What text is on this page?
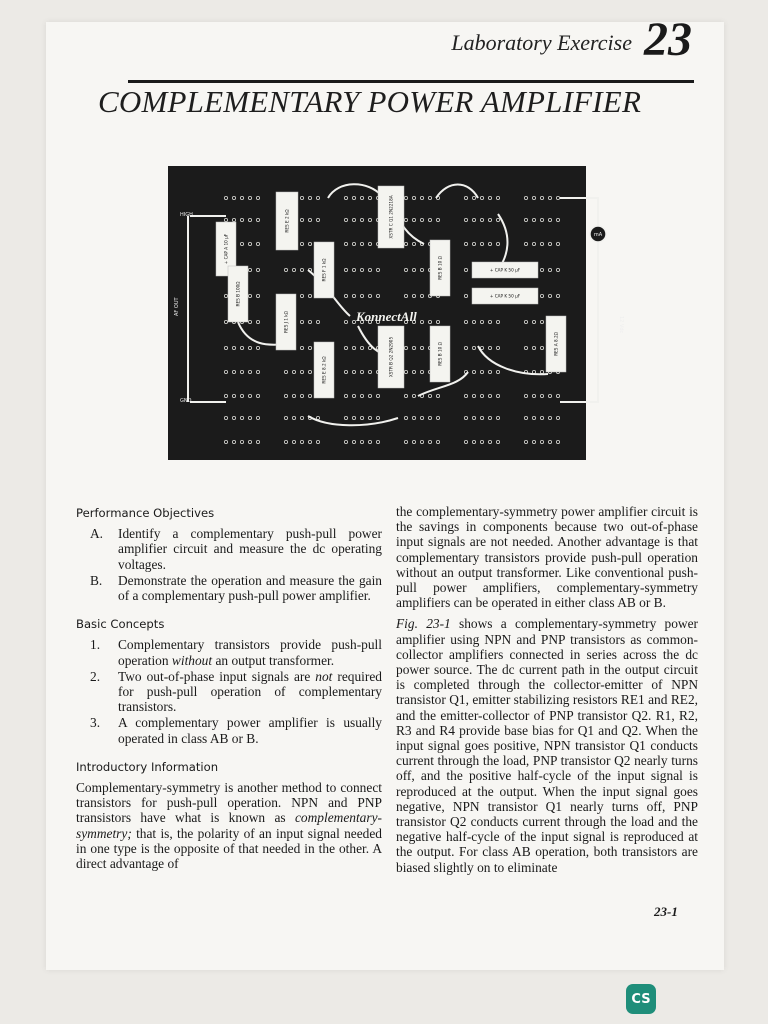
Laboratory Exercise 23
COMPLEMENTARY POWER AMPLIFIER
+ CAP A 10 µF
RES E 2 kΩ
RES B 100Ω
RES F 1 kΩ
RES J 1 kΩ
XSTR C Q1 2N2218A
RES B 10 Ω	+ CAP K 50 µF
+ CAP K 50 µF
XSTR B Q2 2N2905	RES B 10 Ω	RES A 8.2Ω
RES E 8.2 kΩ
mA
HIGH
GND
AF OUT
12 Vdc
KonnectAll
Performance Objectives
A.	Identify a complementary push-pull power amplifier circuit and measure the dc operating voltages.
B.	Demonstrate the operation and measure the gain of a complementary push-pull power amplifier.
Basic Concepts
1.	Complementary transistors provide push-pull operation without an output transformer.
2.	Two out-of-phase input signals are not required for push-pull operation of complementary transistors.
3.	A complementary power amplifier is usually operated in class AB or B.
Introductory Information

Complementary-symmetry is another method to connect transistors for push-pull operation. NPN and PNP transistors have what is known as complementary-symmetry; that is, the polarity of an input signal needed in one type is the opposite of that needed in the other. A direct advantage of

the complementary-symmetry power amplifier circuit is the savings in components because two out-of-phase input signals are not needed. Another advantage is that complementary transistors provide push-pull operation without an output transformer. Like conventional push-pull power amplifiers, complementary-symmetry amplifiers can be operated in either class AB or B.

Fig. 23-1 shows a complementary-symmetry power amplifier using NPN and PNP transistors as common-collector amplifiers connected in series across the dc power source. The dc current path in the output circuit is completed through the collector-emitter of NPN transistor Q1, emitter stabilizing resistors RE1 and RE2, and the emitter-collector of PNP transistor Q2. R1, R2, R3 and R4 provide base bias for Q1 and Q2. When the input signal goes positive, NPN transistor Q1 conducts current through the load, PNP transistor Q2 nearly turns off, and the positive half-cycle of the input signal is reproduced at the output. When the input signal goes negative, NPN transistor Q1 nearly turns off, PNP transistor Q2 conducts current through the load and the negative half-cycle of the input signal is reproduced at the output. For class AB operation, both transistors are biased slightly on to eliminate

23-1
CS
